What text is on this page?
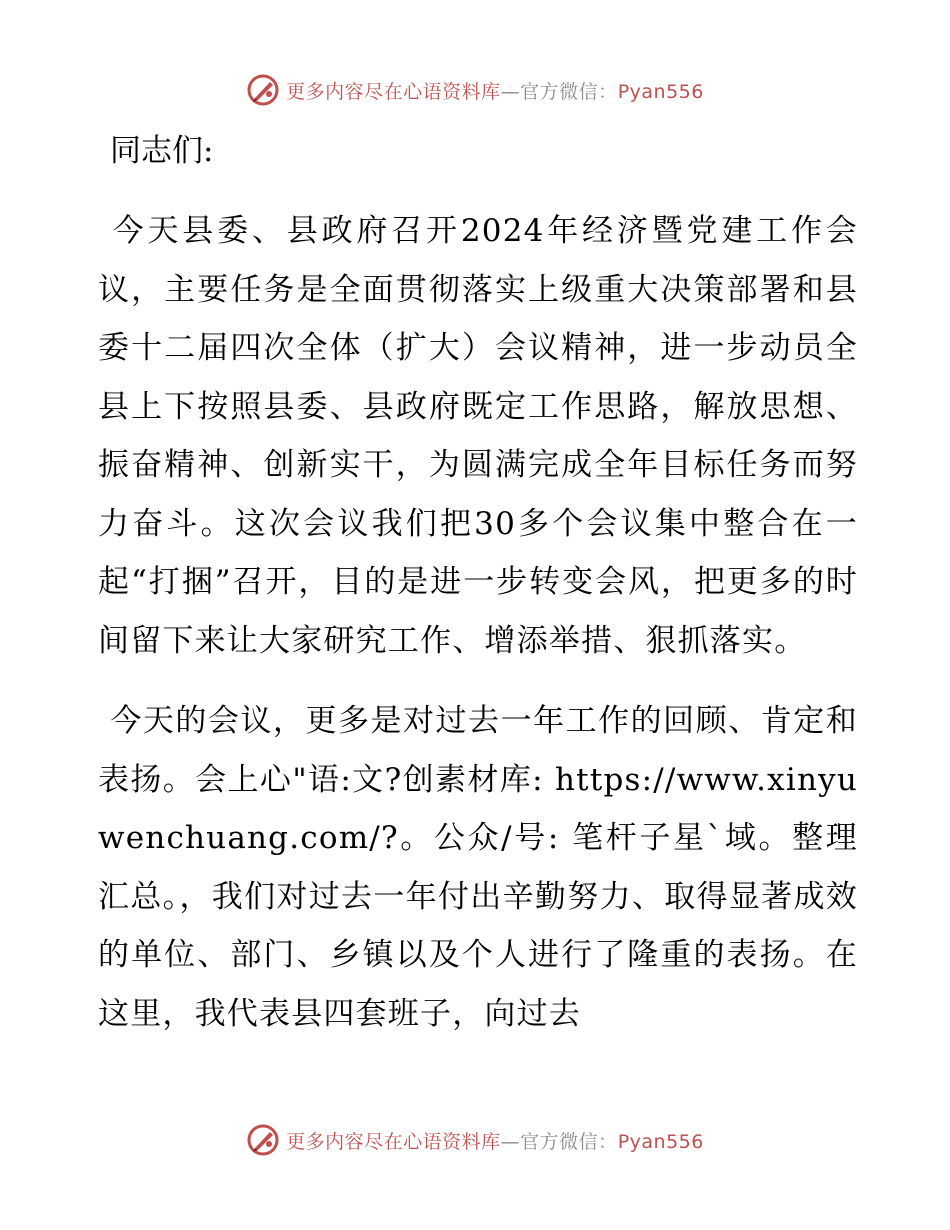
更多内容尽在心语资料库—官方微信：Pyan556
同志们:

今天县委、县政府召开2024年经济暨党建工作会议，主要任务是全面贯彻落实上级重大决策部署和县委十二届四次全体（扩大）会议精神，进一步动员全县上下按照县委、县政府既定工作思路，解放思想、振奋精神、创新实干，为圆满完成全年目标任务而努力奋斗。这次会议我们把30多个会议集中整合在一起“打捆”召开，目的是进一步转变会风，把更多的时间留下来让大家研究工作、增添举措、狠抓落实。

今天的会议，更多是对过去一年工作的回顾、肯定和表扬。会上心"语:文?创素材库: https://www.xinyuwenchuang.com/?。公众/号: 笔杆子星`域。整理汇总。，我们对过去一年付出辛勤努力、取得显著成效的单位、部门、乡镇以及个人进行了隆重的表扬。在这里，我代表县四套班子，向过去

更多内容尽在心语资料库—官方微信：Pyan556
